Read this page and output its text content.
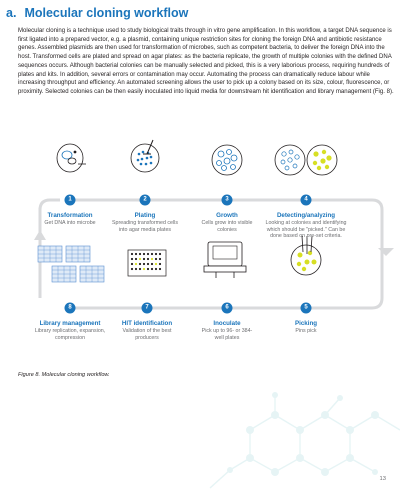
a. Molecular cloning workflow
Molecular cloning is a technique used to study biological traits through in vitro gene amplification. In this workflow, a target DNA sequence is first ligated into a prepared vector, e.g. a plasmid, containing unique restriction sites for cloning the foreign DNA and antibiotic resistance genes. Assembled plasmids are then used for transformation of microbes, such as competent bacteria, to deliver the foreign DNA into the host. Transformed cells are plated and spread on agar plates: as the bacteria replicate, the growth of multiple colonies with the defined DNA sequences occurs. Although bacterial colonies can be manually selected and picked, this is a very laborious process, requiring hundreds of plates and kits. In addition, several errors or contamination may occur. Automating the process can dramatically reduce labour while increasing throughput and efficiency. An automated screening allows the user to pick up a colony based on its size, colour, fluorescence, or proximity. Selected colonies can be then easily inoculated into liquid media for downstream hit identification and library management (Fig. 8).
1	2	3	4
5
6
7
8
Transformation
Get DNA into microbe
Plating
Spreading transformed cells into agar media plates
Growth
Cells grow into visible colonies
Detecting/analyzing
Looking at colonies and identifying which should be "picked." Can be done based on pre-set criteria.
Picking
Pins pick
Inoculate
Pick up to 96- or 384-well plates
HIT identification
Validation of the best producers
Library management
Library replication, expansion, compression
Figure 8. Molecular cloning workflow.
13
